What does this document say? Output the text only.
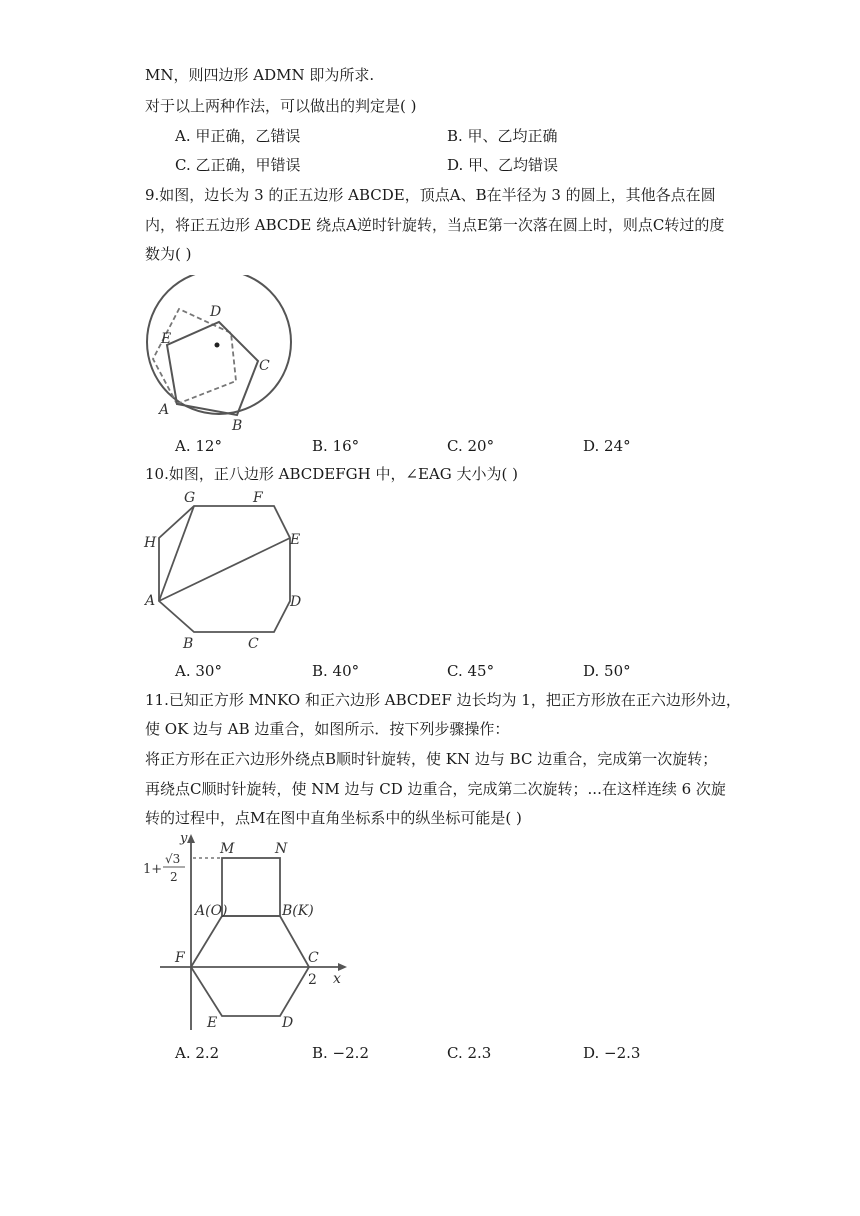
MN，则四边形 ADMN 即为所求.
对于以上两种作法，可以做出的判定是( )
A. 甲正确，乙错误	B. 甲、乙均正确
C. 乙正确，甲错误	D. 甲、乙均错误
9.如图，边长为 3 的正五边形 ABCDE，顶点A、B在半径为 3 的圆上，其他各点在圆
内，将正五边形 ABCDE 绕点A逆时针旋转，当点E第一次落在圆上时，则点C转过的度
数为( )
D
E
C
A
B
A. 12°	B. 16°	C. 20°	D. 24°
10.如图，正八边形 ABCDEFGH 中，∠EAG 大小为( )
G	F
H	E
A	D
B	C
A. 30°	B. 40°	C. 45°	D. 50°
11.已知正方形 MNKO 和正六边形 ABCDEF 边长均为 1，把正方形放在正六边形外边，
使 OK 边与 AB 边重合，如图所示．按下列步骤操作：
将正方形在正六边形外绕点B顺时针旋转，使 KN 边与 BC 边重合，完成第一次旋转；
再绕点C顺时针旋转，使 NM 边与 CD 边重合，完成第二次旋转；...在这样连续 6 次旋
转的过程中，点M在图中直角坐标系中的纵坐标可能是( )
1+
√3
2
y
x
M	N
A(O)	B(K)
F	C
2
E	D
A. 2.2	B. −2.2	C. 2.3	D. −2.3
